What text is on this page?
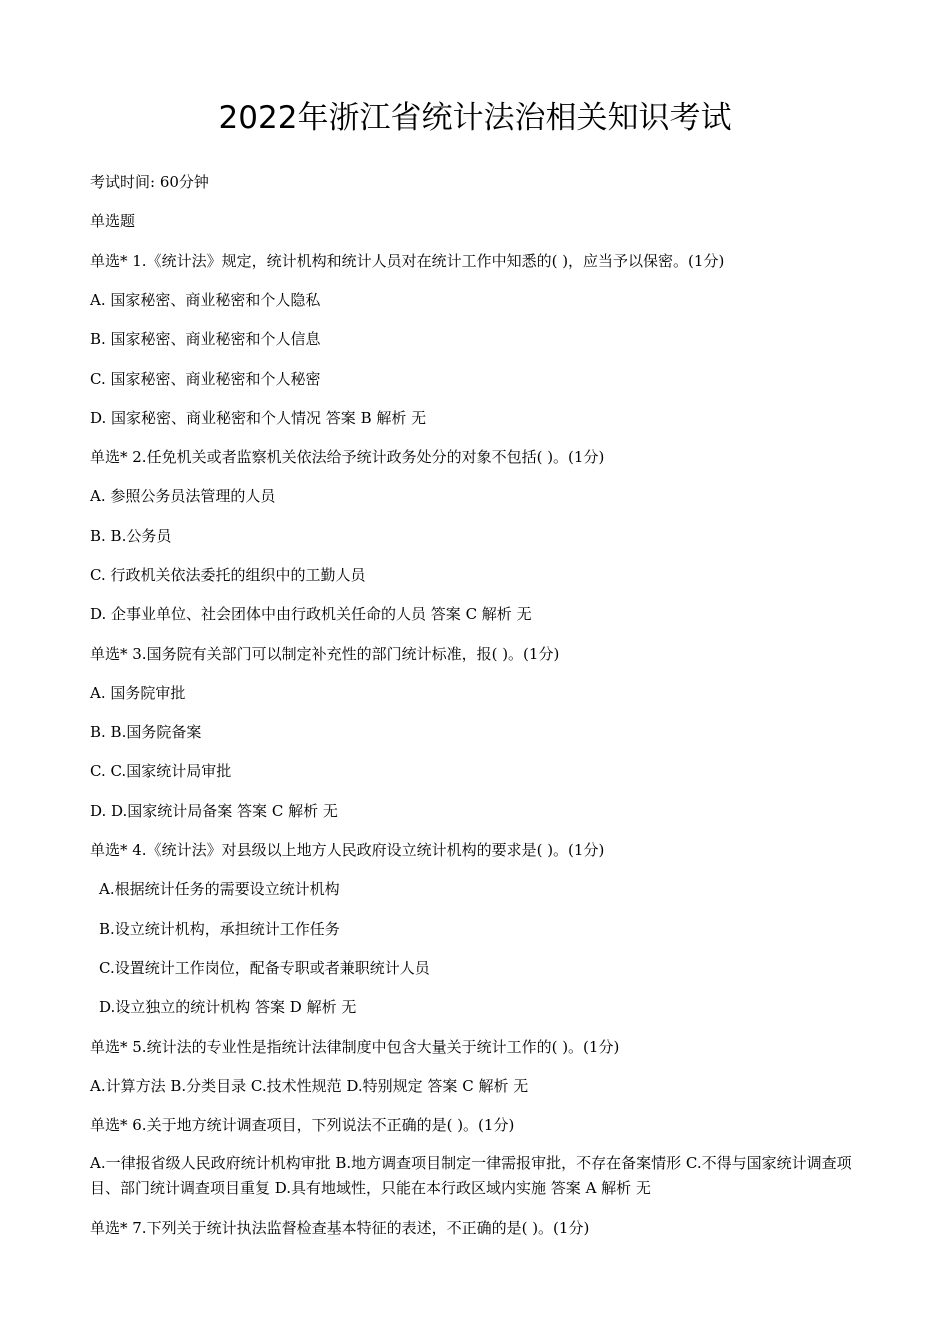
2022年浙江省统计法治相关知识考试
考试时间: 60分钟
单选题
单选* 1.《统计法》规定，统计机构和统计人员对在统计工作中知悉的( )，应当予以保密。(1分)
A. 国家秘密、商业秘密和个人隐私
B. 国家秘密、商业秘密和个人信息
C. 国家秘密、商业秘密和个人秘密
D. 国家秘密、商业秘密和个人情况 答案 B 解析 无
单选* 2.任免机关或者监察机关依法给予统计政务处分的对象不包括( )。(1分)
A. 参照公务员法管理的人员
B. B.公务员
C. 行政机关依法委托的组织中的工勤人员
D. 企事业单位、社会团体中由行政机关任命的人员 答案 C 解析 无
单选* 3.国务院有关部门可以制定补充性的部门统计标准，报( )。(1分)
A. 国务院审批
B. B.国务院备案
C. C.国家统计局审批
D. D.国家统计局备案 答案 C 解析 无
单选* 4.《统计法》对县级以上地方人民政府设立统计机构的要求是( )。(1分)
A.根据统计任务的需要设立统计机构
B.设立统计机构，承担统计工作任务
C.设置统计工作岗位，配备专职或者兼职统计人员
D.设立独立的统计机构 答案 D 解析 无
单选* 5.统计法的专业性是指统计法律制度中包含大量关于统计工作的( )。(1分)
A.计算方法 B.分类目录 C.技术性规范 D.特别规定 答案 C 解析 无
单选* 6.关于地方统计调查项目，下列说法不正确的是( )。(1分)
A.一律报省级人民政府统计机构审批 B.地方调查项目制定一律需报审批，不存在备案情形 C.不得与国家统计调查项目、部门统计调查项目重复 D.具有地域性，只能在本行政区域内实施 答案 A 解析 无
单选* 7.下列关于统计执法监督检查基本特征的表述，不正确的是( )。(1分)
